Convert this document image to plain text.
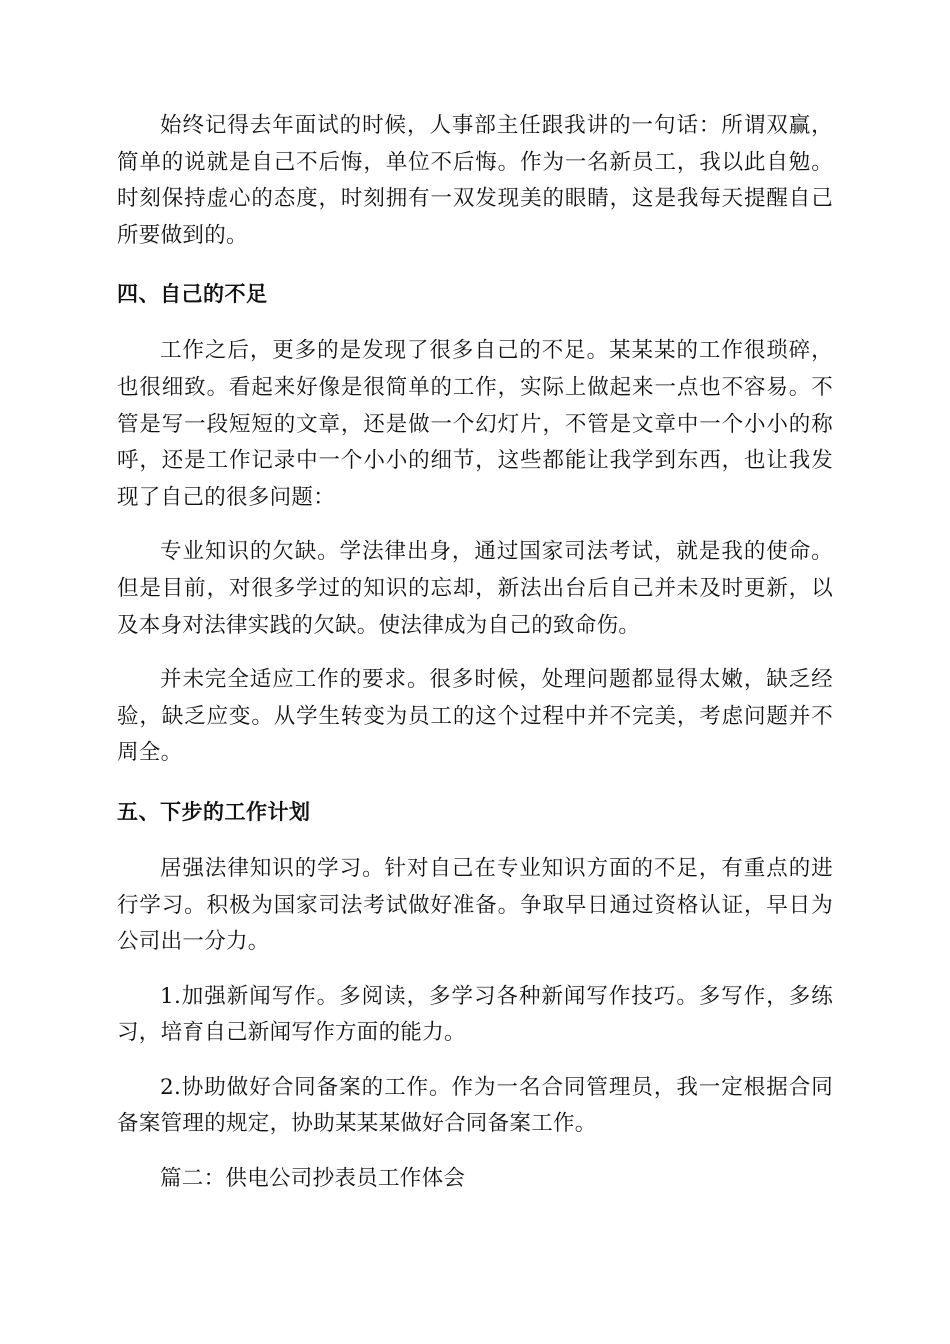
始终记得去年面试的时候，人事部主任跟我讲的一句话：所谓双赢，简单的说就是自己不后悔，单位不后悔。作为一名新员工，我以此自勉。时刻保持虚心的态度，时刻拥有一双发现美的眼睛，这是我每天提醒自己所要做到的。

四、自己的不足

工作之后，更多的是发现了很多自己的不足。某某某的工作很琐碎，也很细致。看起来好像是很简单的工作，实际上做起来一点也不容易。不管是写一段短短的文章，还是做一个幻灯片，不管是文章中一个小小的称呼，还是工作记录中一个小小的细节，这些都能让我学到东西，也让我发现了自己的很多问题：

专业知识的欠缺。学法律出身，通过国家司法考试，就是我的使命。但是目前，对很多学过的知识的忘却，新法出台后自己并未及时更新，以及本身对法律实践的欠缺。使法律成为自己的致命伤。

并未完全适应工作的要求。很多时候，处理问题都显得太嫩，缺乏经验，缺乏应变。从学生转变为员工的这个过程中并不完美，考虑问题并不周全。

五、下步的工作计划

居强法律知识的学习。针对自己在专业知识方面的不足，有重点的进行学习。积极为国家司法考试做好准备。争取早日通过资格认证，早日为公司出一分力。

1.加强新闻写作。多阅读，多学习各种新闻写作技巧。多写作，多练习，培育自己新闻写作方面的能力。

2.协助做好合同备案的工作。作为一名合同管理员，我一定根据合同备案管理的规定，协助某某某做好合同备案工作。

篇二：供电公司抄表员工作体会
